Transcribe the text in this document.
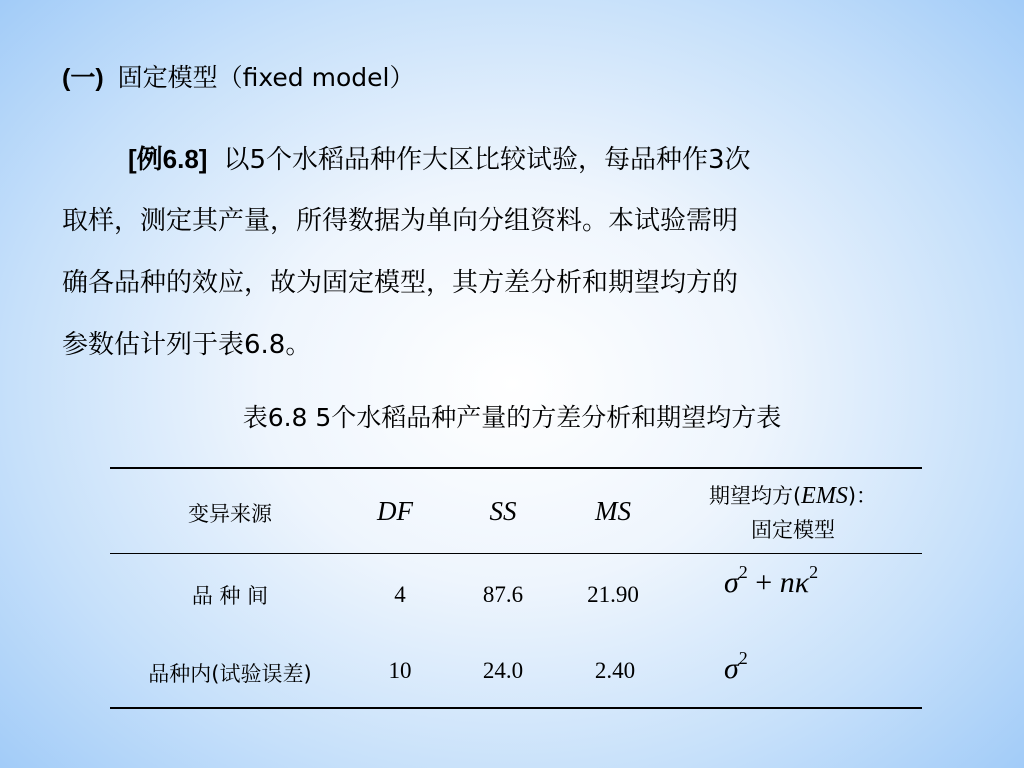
(一) 固定模型（fixed model）
[例6.8] 以5个水稻品种作大区比较试验，每品种作3次
取样，测定其产量，所得数据为单向分组资料。本试验需明
确各品种的效应，故为固定模型，其方差分析和期望均方的
参数估计列于表6.8。
表6.8 5个水稻品种产量的方差分析和期望均方表
变异来源	DF	SS	MS	期望均方(EMS)：
固定模型
品 种 间	4	87.6	21.90	$\sigma^2 + n\kappa^2$
品种内(试验误差)	10	24.0	2.40	$\sigma^2$
